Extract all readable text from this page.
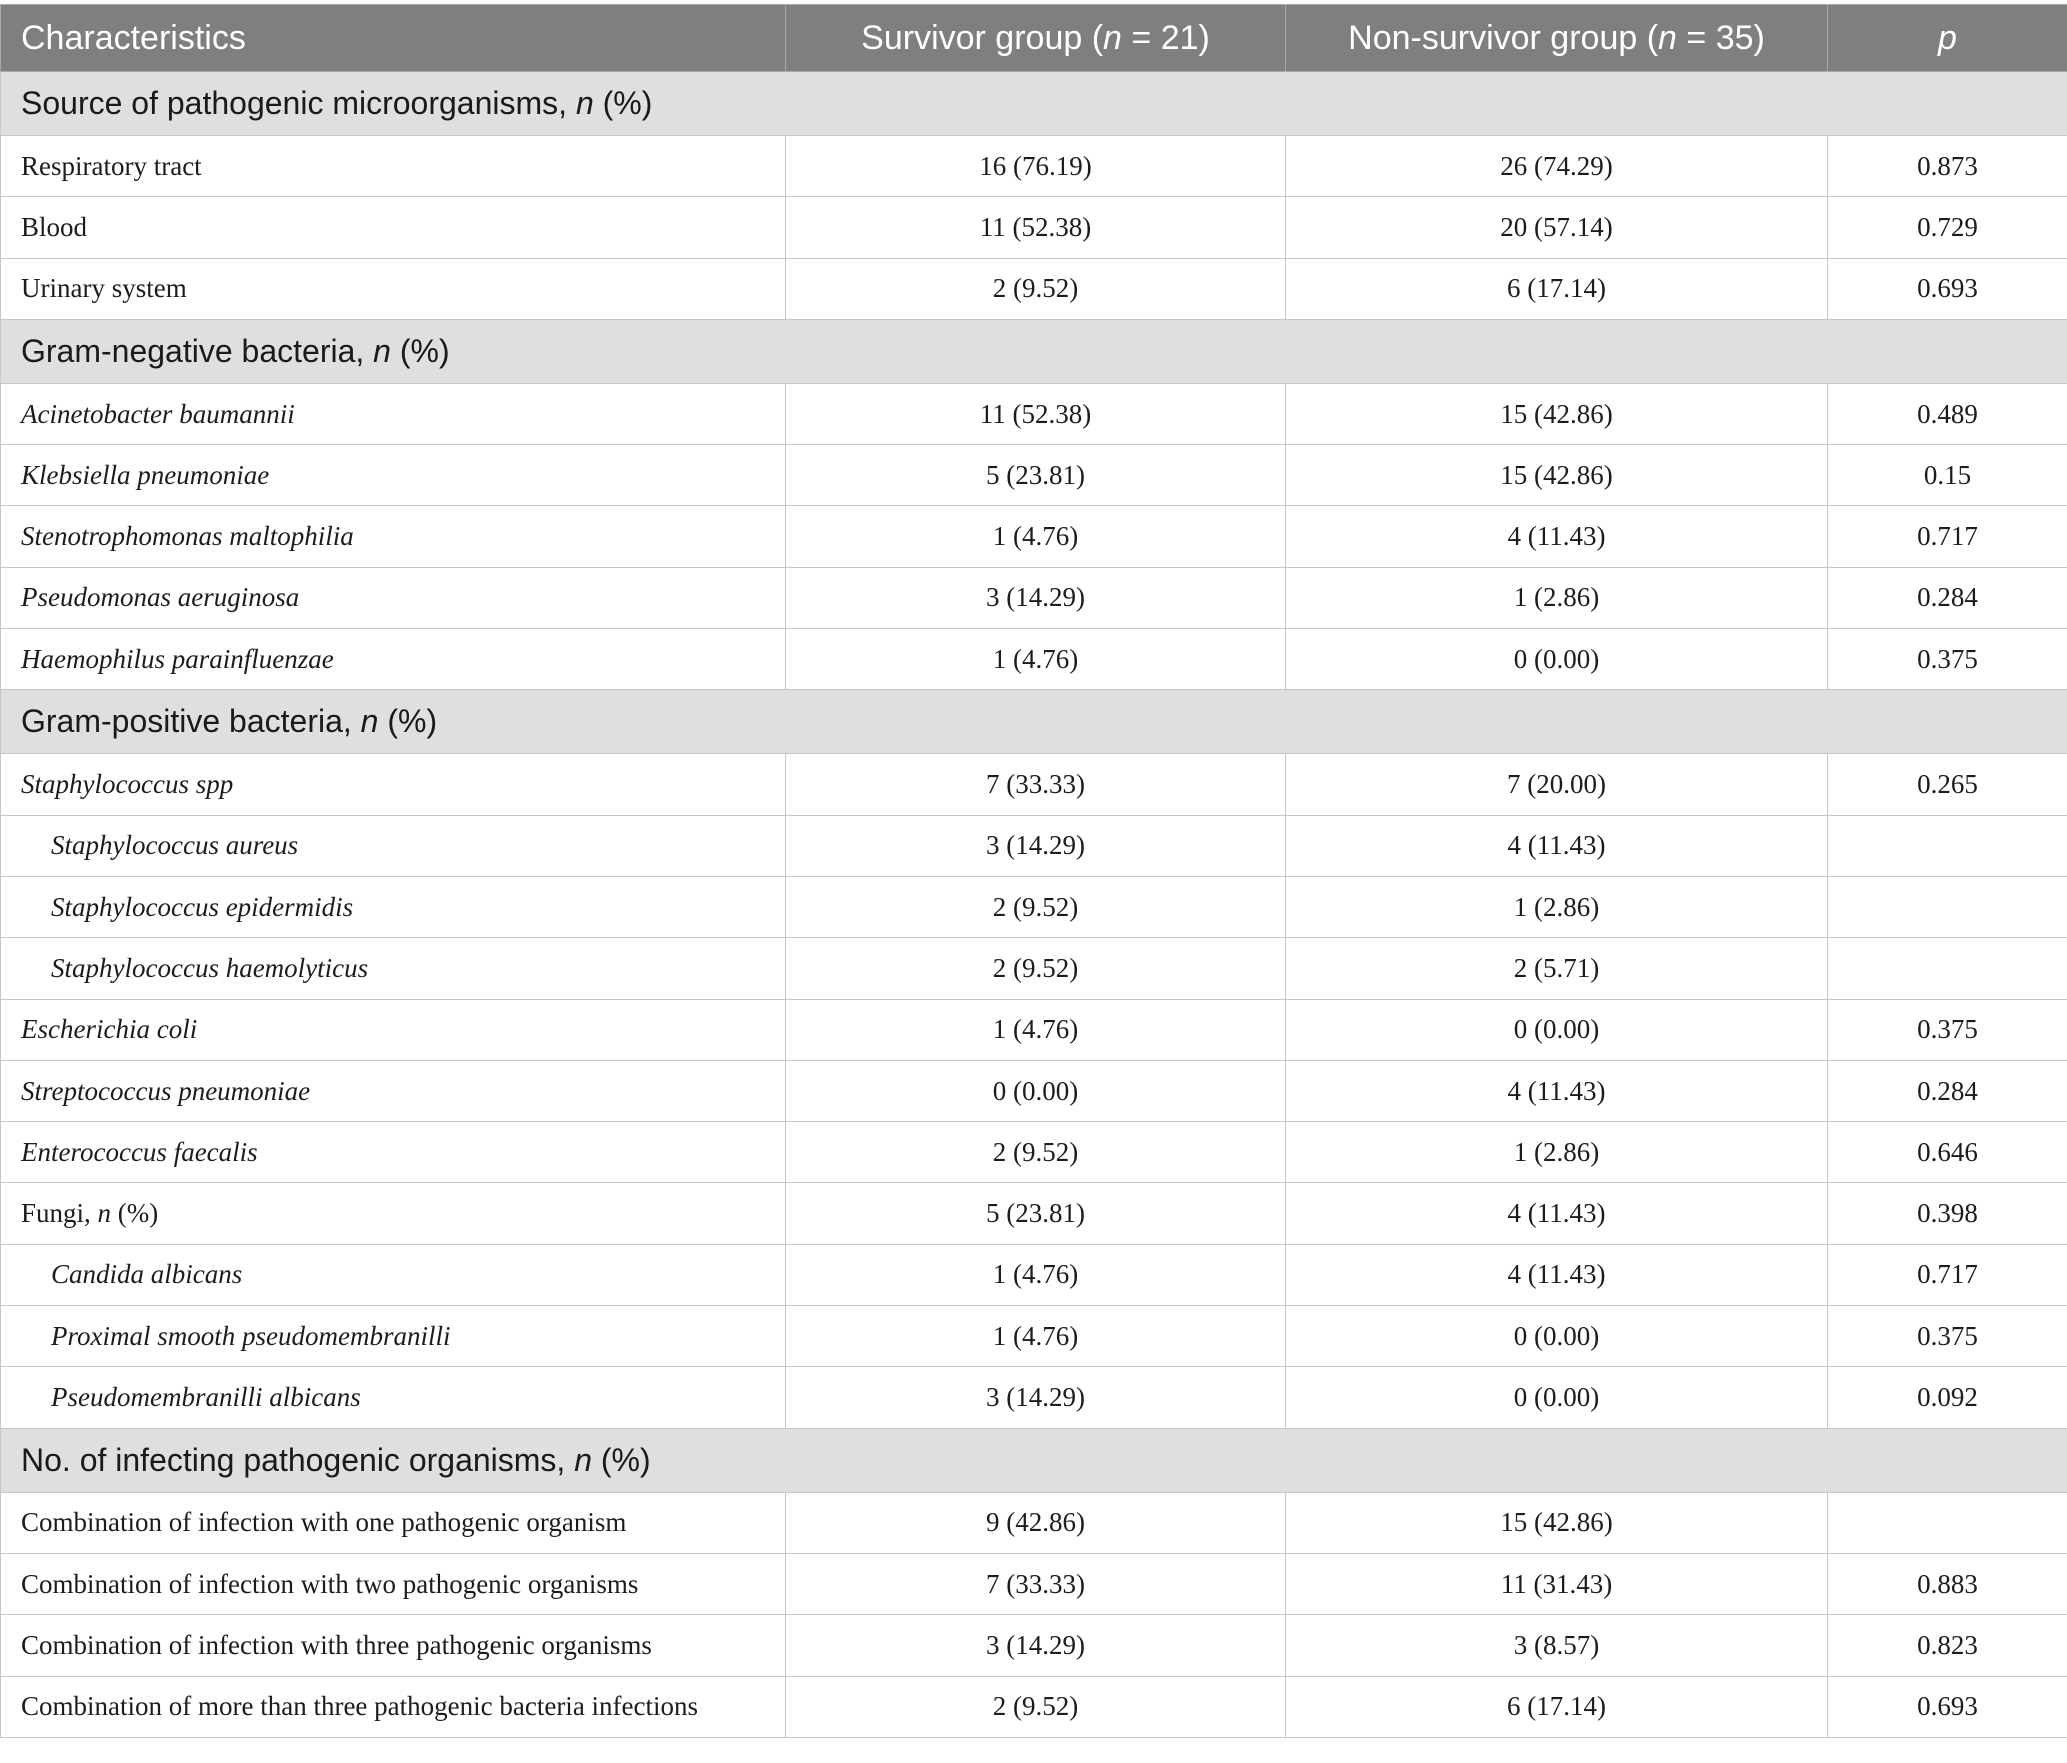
Characteristics	Survivor group (n = 21)	Non-survivor group (n = 35)	p
Source of pathogenic microorganisms, n (%)			
Respiratory tract	16 (76.19)	26 (74.29)	0.873
Blood	11 (52.38)	20 (57.14)	0.729
Urinary system	2 (9.52)	6 (17.14)	0.693
Gram-negative bacteria, n (%)			
Acinetobacter baumannii	11 (52.38)	15 (42.86)	0.489
Klebsiella pneumoniae	5 (23.81)	15 (42.86)	0.15
Stenotrophomonas maltophilia	1 (4.76)	4 (11.43)	0.717
Pseudomonas aeruginosa	3 (14.29)	1 (2.86)	0.284
Haemophilus parainfluenzae	1 (4.76)	0 (0.00)	0.375
Gram-positive bacteria, n (%)			
Staphylococcus spp	7 (33.33)	7 (20.00)	0.265
Staphylococcus aureus	3 (14.29)	4 (11.43)	
Staphylococcus epidermidis	2 (9.52)	1 (2.86)	
Staphylococcus haemolyticus	2 (9.52)	2 (5.71)	
Escherichia coli	1 (4.76)	0 (0.00)	0.375
Streptococcus pneumoniae	0 (0.00)	4 (11.43)	0.284
Enterococcus faecalis	2 (9.52)	1 (2.86)	0.646
Fungi, n (%)	5 (23.81)	4 (11.43)	0.398
Candida albicans	1 (4.76)	4 (11.43)	0.717
Proximal smooth pseudomembranilli	1 (4.76)	0 (0.00)	0.375
Pseudomembranilli albicans	3 (14.29)	0 (0.00)	0.092
No. of infecting pathogenic organisms, n (%)			
Combination of infection with one pathogenic organism	9 (42.86)	15 (42.86)	
Combination of infection with two pathogenic organisms	7 (33.33)	11 (31.43)	0.883
Combination of infection with three pathogenic organisms	3 (14.29)	3 (8.57)	0.823
Combination of more than three pathogenic bacteria infections	2 (9.52)	6 (17.14)	0.693
